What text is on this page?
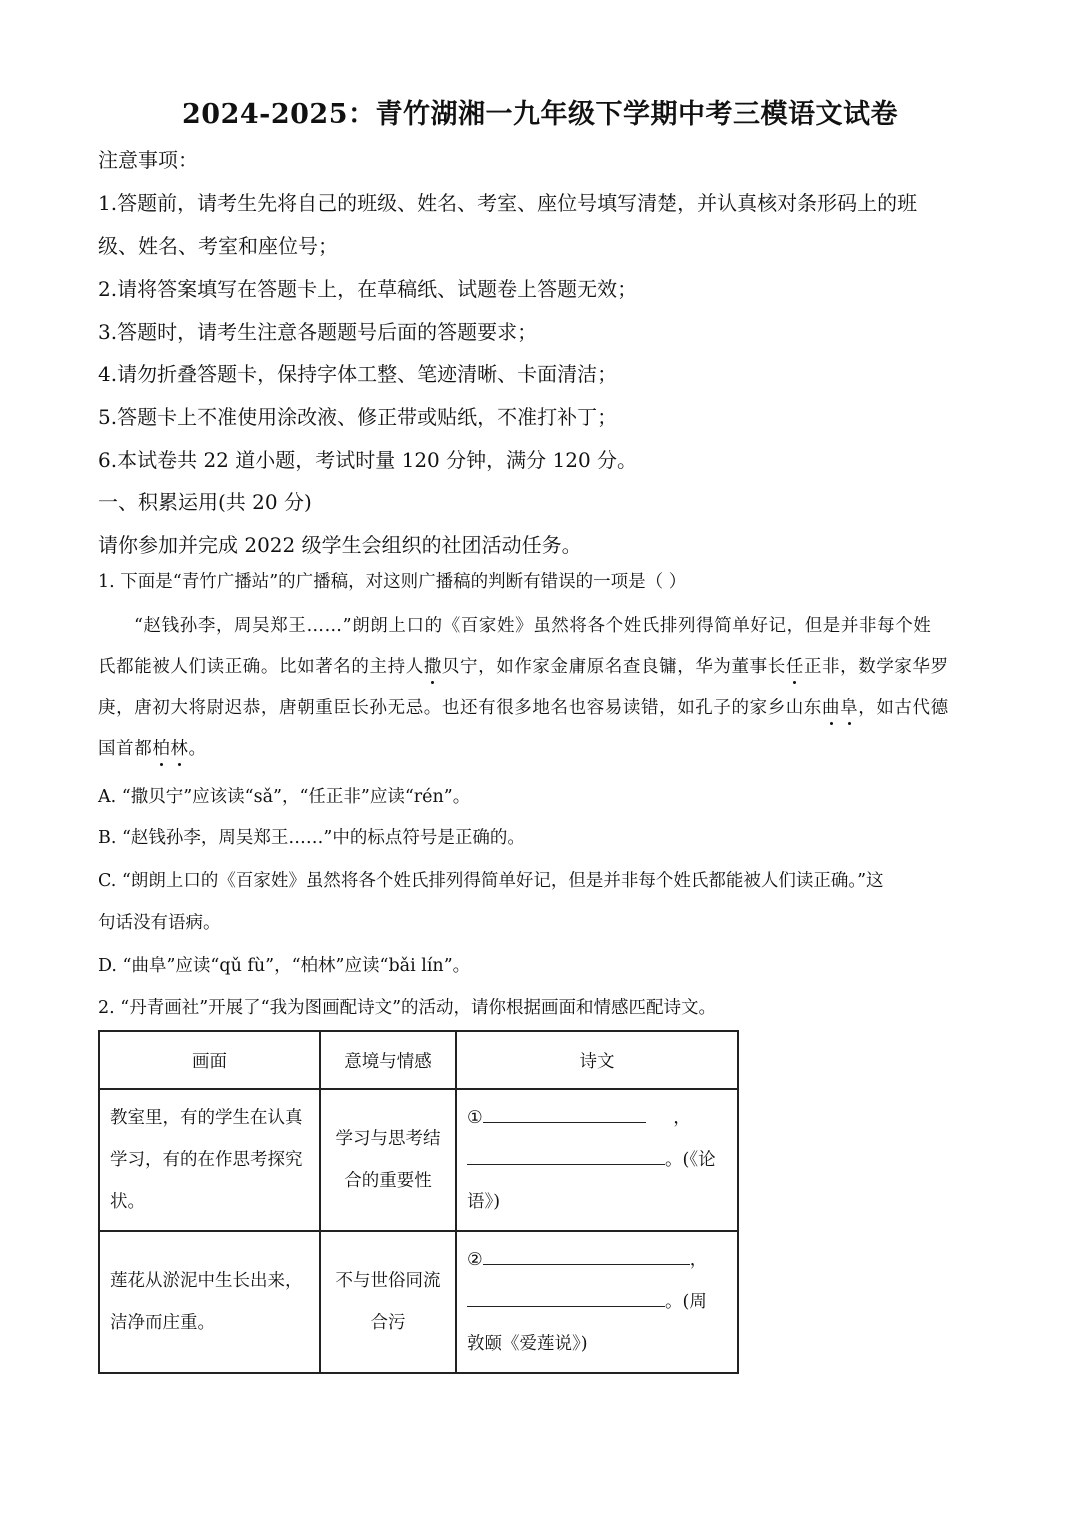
2024-2025：青竹湖湘一九年级下学期中考三模语文试卷
注意事项：
1.答题前，请考生先将自己的班级、姓名、考室、座位号填写清楚，并认真核对条形码上的班
级、姓名、考室和座位号；
2.请将答案填写在答题卡上，在草稿纸、试题卷上答题无效；
3.答题时，请考生注意各题题号后面的答题要求；
4.请勿折叠答题卡，保持字体工整、笔迹清晰、卡面清洁；
5.答题卡上不准使用涂改液、修正带或贴纸，不准打补丁；
6.本试卷共 22 道小题，考试时量 120 分钟，满分 120 分。
一、积累运用(共 20 分)
请你参加并完成 2022 级学生会组织的社团活动任务。
1. 下面是“青竹广播站”的广播稿，对这则广播稿的判断有错误的一项是（ ）
“赵钱孙李，周吴郑王……”朗朗上口的《百家姓》虽然将各个姓氏排列得简单好记，但是并非每个姓
氏都能被人们读正确。比如著名的主持人撒贝宁，如作家金庸原名查良镛，华为董事长任正非，数学家华罗
庚，唐初大将尉迟恭，唐朝重臣长孙无忌。也还有很多地名也容易读错，如孔子的家乡山东曲阜，如古代德
国首都柏林。
A. “撒贝宁”应该读“sǎ”，“任正非”应读“rén”。
B. “赵钱孙李，周吴郑王……”中的标点符号是正确的。
C. “朗朗上口的《百家姓》虽然将各个姓氏排列得简单好记，但是并非每个姓氏都能被人们读正确。”这
句话没有语病。
D. “曲阜”应读“qǔ fù”，“柏林”应读“bǎi lín”。
2. “丹青画社”开展了“我为图画配诗文”的活动，请你根据画面和情感匹配诗文。
画面	意境与情感	诗文
教室里，有的学生在认真学习，有的在作思考探究状。	学习与思考结合的重要性	① ，
。(《论
语》)

莲花从淤泥中生长出来，洁净而庄重。	不与世俗同流合污	② ，
。(周
敦颐《爱莲说》)
